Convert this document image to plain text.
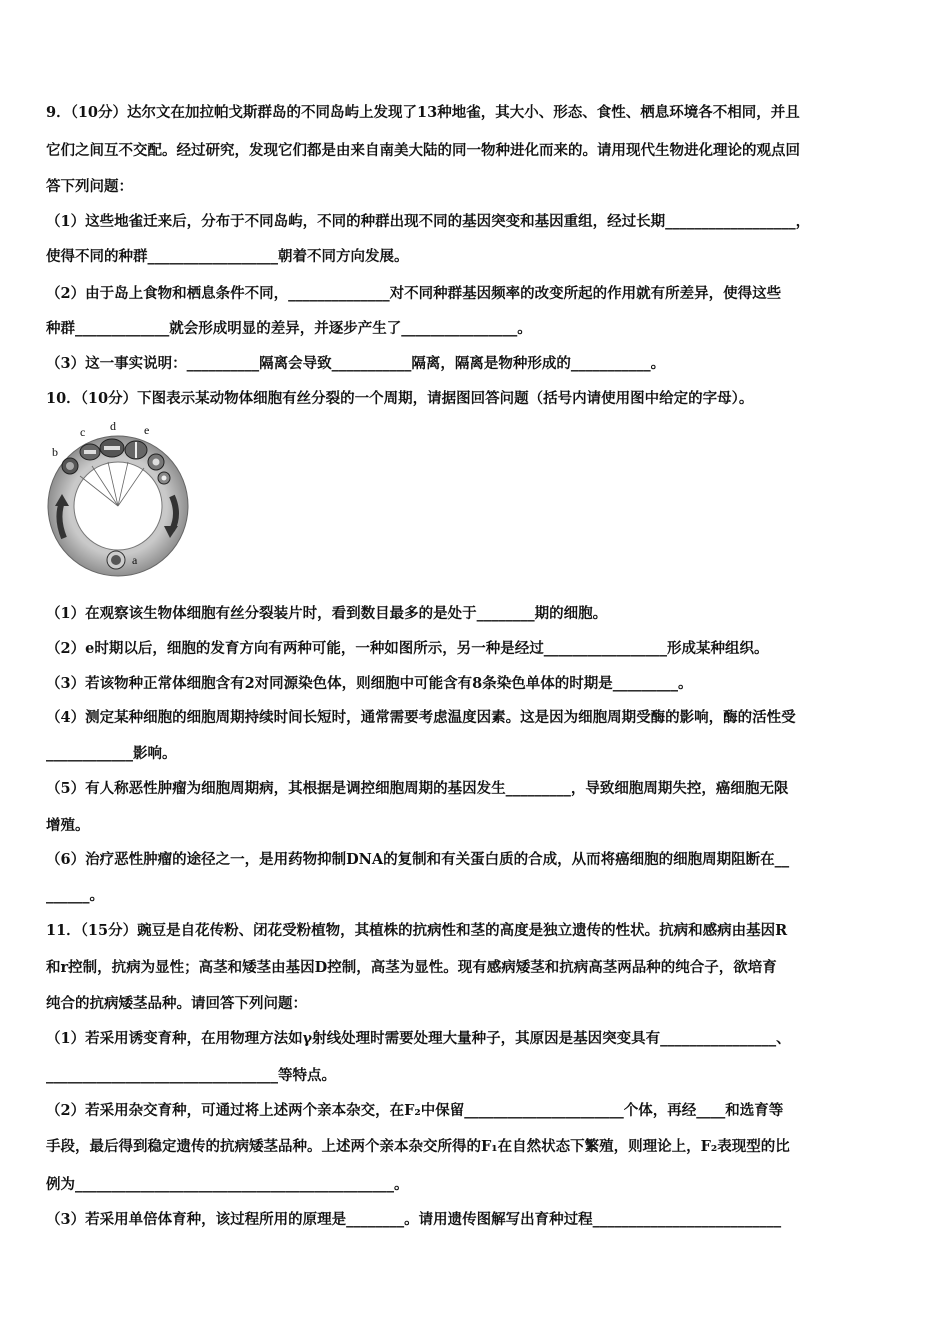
9．（10分）达尔文在加拉帕戈斯群岛的不同岛屿上发现了13种地雀，其大小、形态、食性、栖息环境各不相同，并且
它们之间互不交配。经过研究，发现它们都是由来自南美大陆的同一物种进化而来的。请用现代生物进化理论的观点回
答下列问题：
（1）这些地雀迁来后，分布于不同岛屿，不同的种群出现不同的基因突变和基因重组，经过长期__________________，
使得不同的种群__________________朝着不同方向发展。
（2）由于岛上食物和栖息条件不同，______________对不同种群基因频率的改变所起的作用就有所差异，使得这些
种群_____________就会形成明显的差异，并逐步产生了________________。
（3）这一事实说明：__________隔离会导致___________隔离，隔离是物种形成的___________。
10．（10分）下图表示某动物体细胞有丝分裂的一个周期，请据图回答问题（括号内请使用图中给定的字母）。
a
b
c d e
（1）在观察该生物体细胞有丝分裂装片时，看到数目最多的是处于________期的细胞。
（2）e时期以后，细胞的发育方向有两种可能，一种如图所示，另一种是经过_________________形成某种组织。
（3）若该物种正常体细胞含有2对同源染色体，则细胞中可能含有8条染色单体的时期是_________。
（4）测定某种细胞的细胞周期持续时间长短时，通常需要考虑温度因素。这是因为细胞周期受酶的影响，酶的活性受
____________影响。
（5）有人称恶性肿瘤为细胞周期病，其根据是调控细胞周期的基因发生_________，导致细胞周期失控，癌细胞无限
增殖。
（6）治疗恶性肿瘤的途径之一，是用药物抑制DNA的复制和有关蛋白质的合成，从而将癌细胞的细胞周期阻断在__
______。
11．（15分）豌豆是自花传粉、闭花受粉植物，其植株的抗病性和茎的高度是独立遗传的性状。抗病和感病由基因R
和r控制，抗病为显性；高茎和矮茎由基因D控制，高茎为显性。现有感病矮茎和抗病高茎两品种的纯合子，欲培育
纯合的抗病矮茎品种。请回答下列问题：
（1）若采用诱变育种，在用物理方法如γ射线处理时需要处理大量种子，其原因是基因突变具有________________、
________________________________等特点。
（2）若采用杂交育种，可通过将上述两个亲本杂交，在F₂中保留______________________个体，再经____和选育等
手段，最后得到稳定遗传的抗病矮茎品种。上述两个亲本杂交所得的F₁在自然状态下繁殖，则理论上，F₂表现型的比
例为____________________________________________。
（3）若采用单倍体育种，该过程所用的原理是________。请用遗传图解写出育种过程__________________________
